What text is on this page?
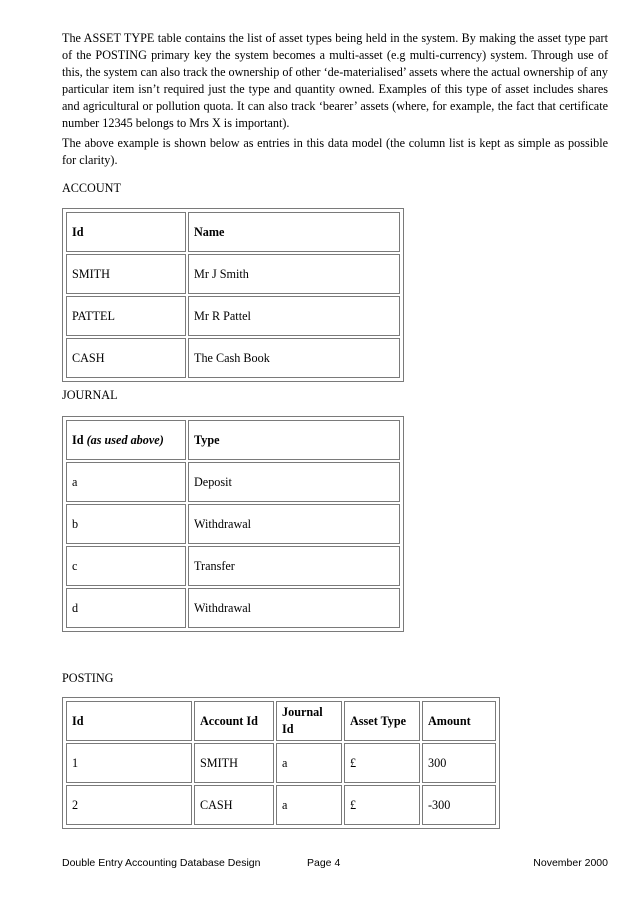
The ASSET TYPE table contains the list of asset types being held in the system. By making the asset type part of the POSTING primary key the system becomes a multi-asset (e.g multi-currency) system. Through use of this, the system can also track the ownership of other ‘de-materialised’ assets where the actual ownership of any particular item isn’t required just the type and quantity owned. Examples of this type of asset includes shares and agricultural or pollution quota. It can also track ‘bearer’ assets (where, for example, the fact that certificate number 12345 belongs to Mrs X is important).

The above example is shown below as entries in this data model (the column list is kept as simple as possible for clarity).

ACCOUNT
Id	Name
SMITH	Mr J Smith
PATTEL	Mr R Pattel
CASH	The Cash Book
JOURNAL
Id (as used above)	Type
a	Deposit
b	Withdrawal
c	Transfer
d	Withdrawal
POSTING
Id	Account Id	Journal Id	Asset Type	Amount
1	SMITH	a	£	300
2	CASH	a	£	-300
Double Entry Accounting Database Design	Page 4	November 2000
